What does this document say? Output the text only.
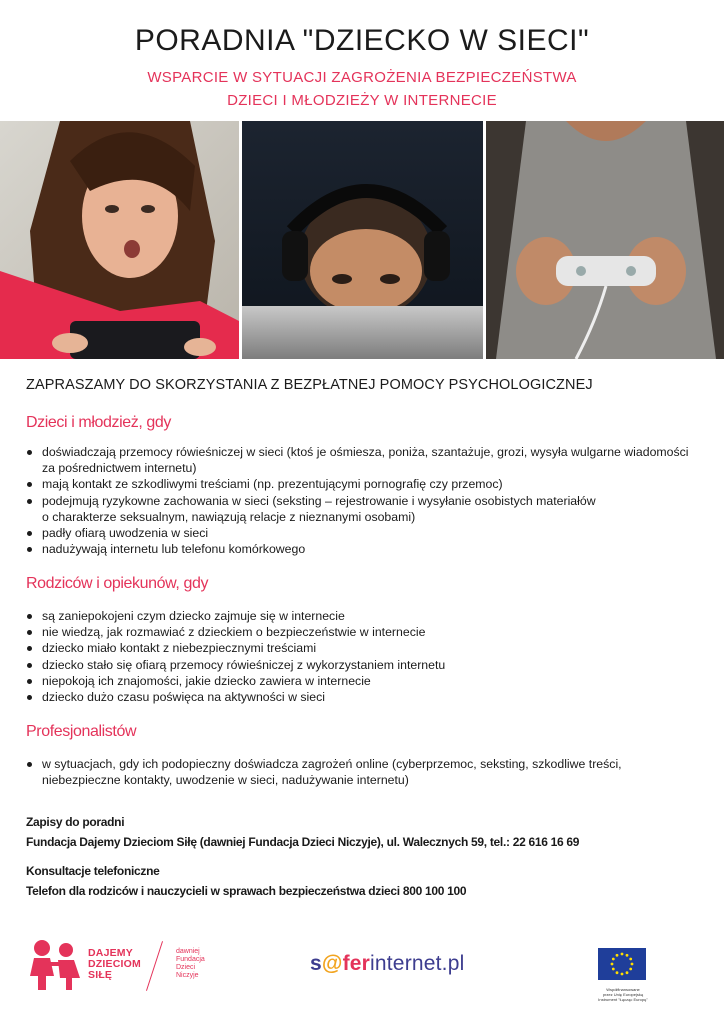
PORADNIA "DZIECKO W SIECI"
WSPARCIE W SYTUACJI ZAGROŻENIA BEZPIECZEŃSTWA
DZIECI I MŁODZIEŻY W INTERNECIE
ZAPRASZAMY DO SKORZYSTANIA Z BEZPŁATNEJ POMOCY PSYCHOLOGICZNEJ
Dzieci i młodzież, gdy
doświadczają przemocy rówieśniczej w sieci (ktoś je ośmiesza, poniża, szantażuje, grozi, wysyła wulgarne wiadomości
za pośrednictwem internetu)
mają kontakt ze szkodliwymi treściami (np. prezentującymi pornografię czy przemoc)
podejmują ryzykowne zachowania w sieci (seksting – rejestrowanie i wysyłanie osobistych materiałów
o charakterze seksualnym, nawiązują relacje z nieznanymi osobami)
padły ofiarą uwodzenia w sieci
nadużywają internetu lub telefonu komórkowego
Rodziców i opiekunów, gdy
są zaniepokojeni czym dziecko zajmuje się w internecie
nie wiedzą, jak rozmawiać z dzieckiem o bezpieczeństwie w internecie
dziecko miało kontakt z niebezpiecznymi treściami
dziecko stało się ofiarą przemocy rówieśniczej z wykorzystaniem internetu
niepokoją ich znajomości, jakie dziecko zawiera w internecie
dziecko dużo czasu poświęca na aktywności w sieci
Profesjonalistów
w sytuacjach, gdy ich podopieczny doświadcza zagrożeń online (cyberprzemoc, seksting, szkodliwe treści,
niebezpieczne kontakty, uwodzenie w sieci, nadużywanie internetu)
Zapisy do poradni
Fundacja Dajemy Dzieciom Siłę (dawniej Fundacja Dzieci Niczyje), ul. Walecznych 59, tel.: 22 616 16 69
Konsultacje telefoniczne
Telefon dla rodziców i nauczycieli w sprawach bezpieczeństwa dzieci 800 100 100
DAJEMY
DZIECIOM
SIŁĘ
dawniej
Fundacja
Dzieci
Niczyje
s@ferinternet.pl
Współfinansowane
przez Unię Europejską
Instrument "Łącząc Europę"
